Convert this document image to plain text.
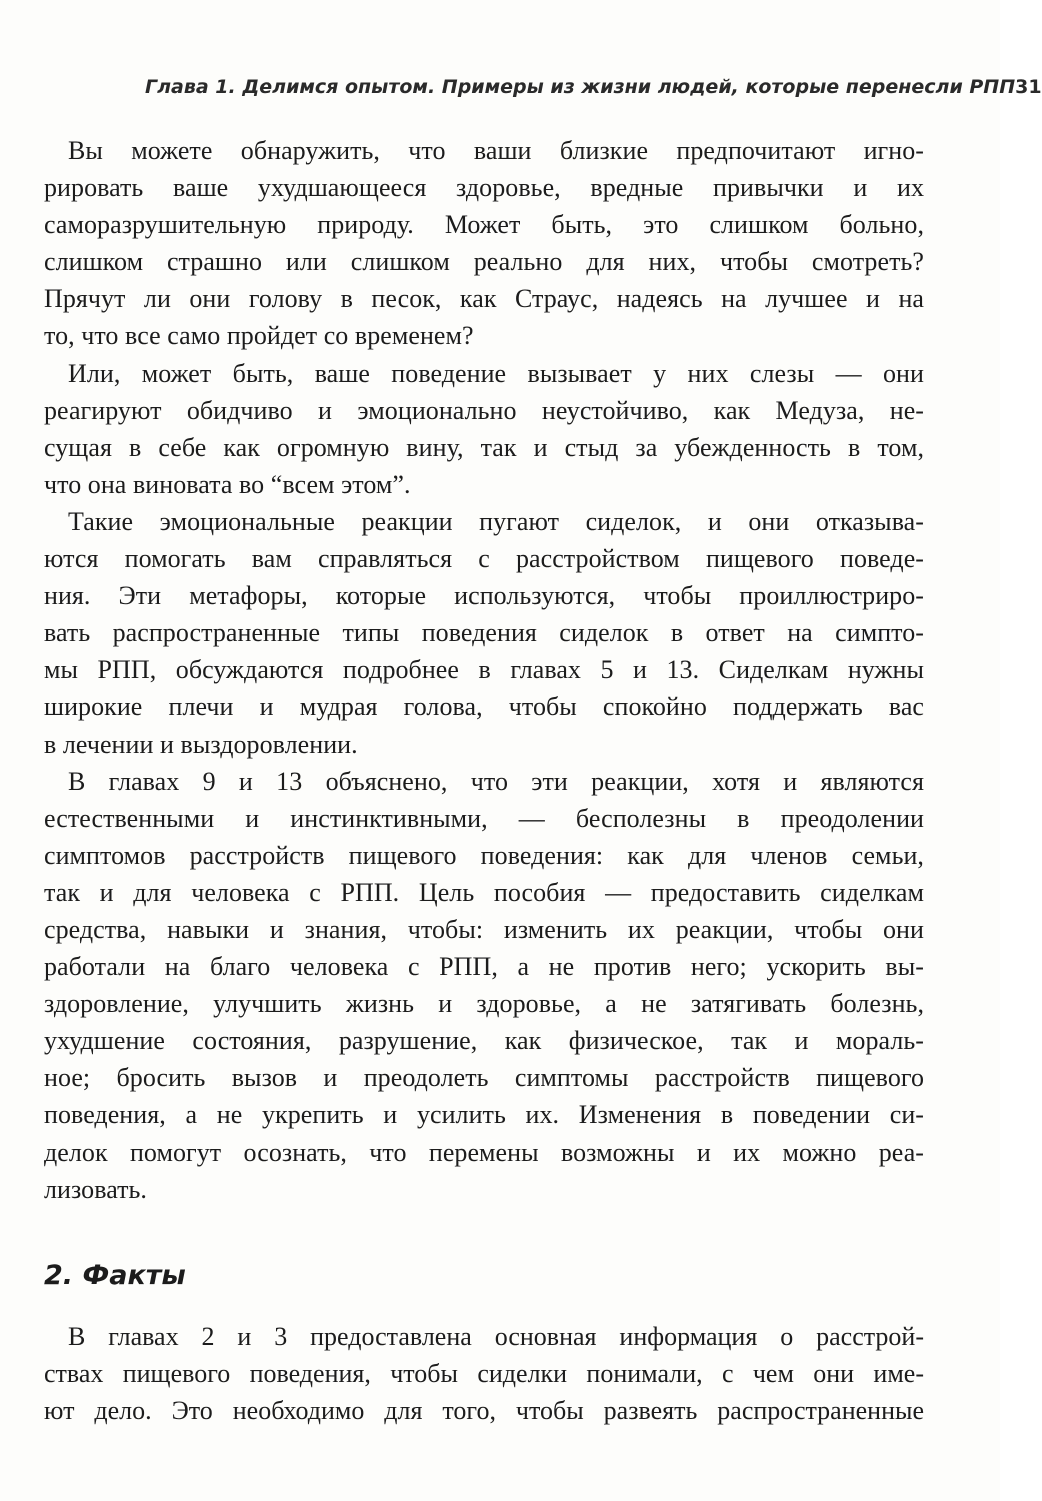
Глава 1. Делимся опытом. Примеры из жизни людей, которые перенесли РПП 31
Вы можете обнаружить, что ваши близкие предпочитают игно-
рировать ваше ухудшающееся здоровье, вредные привычки и их
саморазрушительную природу. Может быть, это слишком больно,
слишком страшно или слишком реально для них, чтобы смотреть?
Прячут ли они голову в песок, как Страус, надеясь на лучшее и на
то, что все само пройдет со временем?
Или, может быть, ваше поведение вызывает у них слезы — они
реагируют обидчиво и эмоционально неустойчиво, как Медуза, не-
сущая в себе как огромную вину, так и стыд за убежденность в том,
что она виновата во “всем этом”.
Такие эмоциональные реакции пугают сиделок, и они отказыва-
ются помогать вам справляться с расстройством пищевого поведе-
ния. Эти метафоры, которые используются, чтобы проиллюстриро-
вать распространенные типы поведения сиделок в ответ на симпто-
мы РПП, обсуждаются подробнее в главах 5 и 13. Сиделкам нужны
широкие плечи и мудрая голова, чтобы спокойно поддержать вас
в лечении и выздоровлении.
В главах 9 и 13 объяснено, что эти реакции, хотя и являются
естественными и инстинктивными, — бесполезны в преодолении
симптомов расстройств пищевого поведения: как для членов семьи,
так и для человека с РПП. Цель пособия — предоставить сиделкам
средства, навыки и знания, чтобы: изменить их реакции, чтобы они
работали на благо человека с РПП, а не против него; ускорить вы-
здоровление, улучшить жизнь и здоровье, а не затягивать болезнь,
ухудшение состояния, разрушение, как физическое, так и мораль-
ное; бросить вызов и преодолеть симптомы расстройств пищевого
поведения, а не укрепить и усилить их. Изменения в поведении си-
делок помогут осознать, что перемены возможны и их можно реа-
лизовать.
2. Факты
В главах 2 и 3 предоставлена основная информация о расстрой-
ствах пищевого поведения, чтобы сиделки понимали, с чем они име-
ют дело. Это необходимо для того, чтобы развеять распространенные
